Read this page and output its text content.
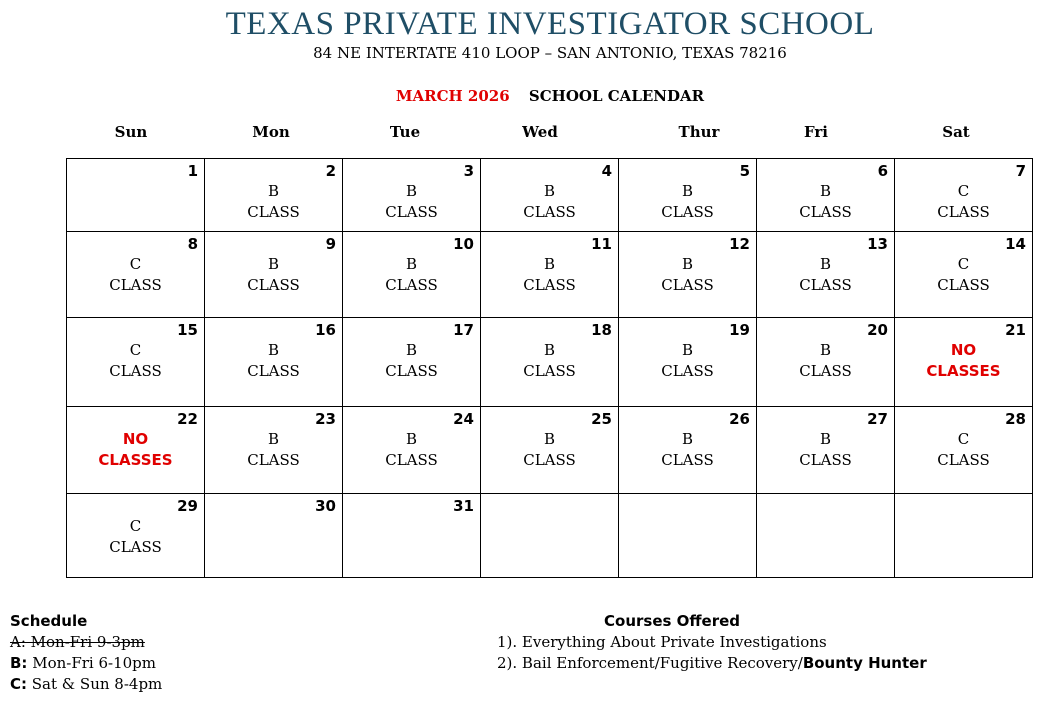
TEXAS PRIVATE INVESTIGATOR SCHOOL
84 NE INTERTATE 410 LOOP – SAN ANTONIO, TEXAS 78216
MARCH 2026 SCHOOL CALENDAR
Sun	Mon	Tue	Wed	Thur	Fri	Sat
1	2
B
CLASS	3
B
CLASS	4
B
CLASS	5
B
CLASS	6
B
CLASS	7
C
CLASS

8
C
CLASS	9
B
CLASS	10
B
CLASS	11
B
CLASS	12
B
CLASS	13
B
CLASS	14
C
CLASS

15
C
CLASS	16
B
CLASS	17
B
CLASS	18
B
CLASS	19
B
CLASS	20
B
CLASS	21
NO
CLASSES

22
NO
CLASSES	23
B
CLASS	24
B
CLASS	25
B
CLASS	26
B
CLASS	27
B
CLASS	28
C
CLASS

29
C
CLASS	30	31				

Schedule
A: Mon-Fri 9-3pm
B: Mon-Fri 6-10pm
C: Sat & Sun 8-4pm
Courses Offered
1). Everything About Private Investigations
2). Bail Enforcement/Fugitive Recovery/Bounty Hunter
